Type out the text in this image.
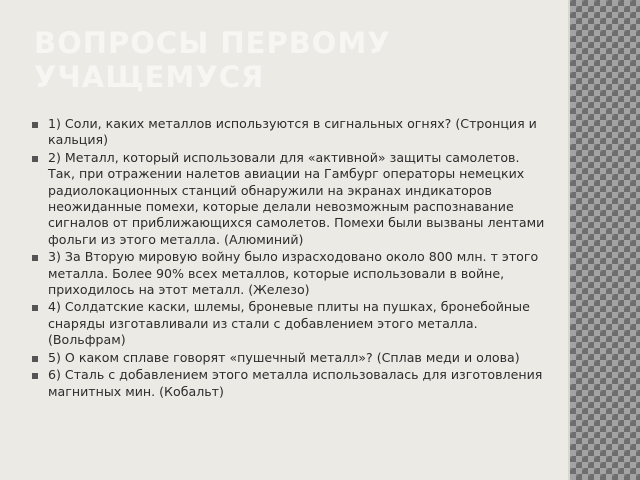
ВОПРОСЫ ПЕРВОМУ УЧАЩЕМУСЯ
1) Соли, каких металлов используются в сигнальных огнях? (Стронция и кальция)
2) Металл, который использовали для «активной» защиты самолетов. Так, при отражении налетов авиации на Гамбург операторы немецких радиолокационных станций обнаружили на экранах индикаторов неожиданные помехи, которые делали невозможным распознавание сигналов от приближающихся самолетов. Помехи были вызваны лентами фольги из этого металла. (Алюминий)
3) За Вторую мировую войну было израсходовано около 800 млн. т этого металла. Более 90% всех металлов, которые использовали в войне, приходилось на этот металл. (Железо)
4) Солдатские каски, шлемы, броневые плиты на пушках, бронебойные снаряды изготавливали из стали с добавлением этого металла. (Вольфрам)
5) О каком сплаве говорят «пушечный металл»? (Сплав меди и олова)
6) Сталь с добавлением этого металла использовалась для изготовления магнитных мин. (Кобальт)
